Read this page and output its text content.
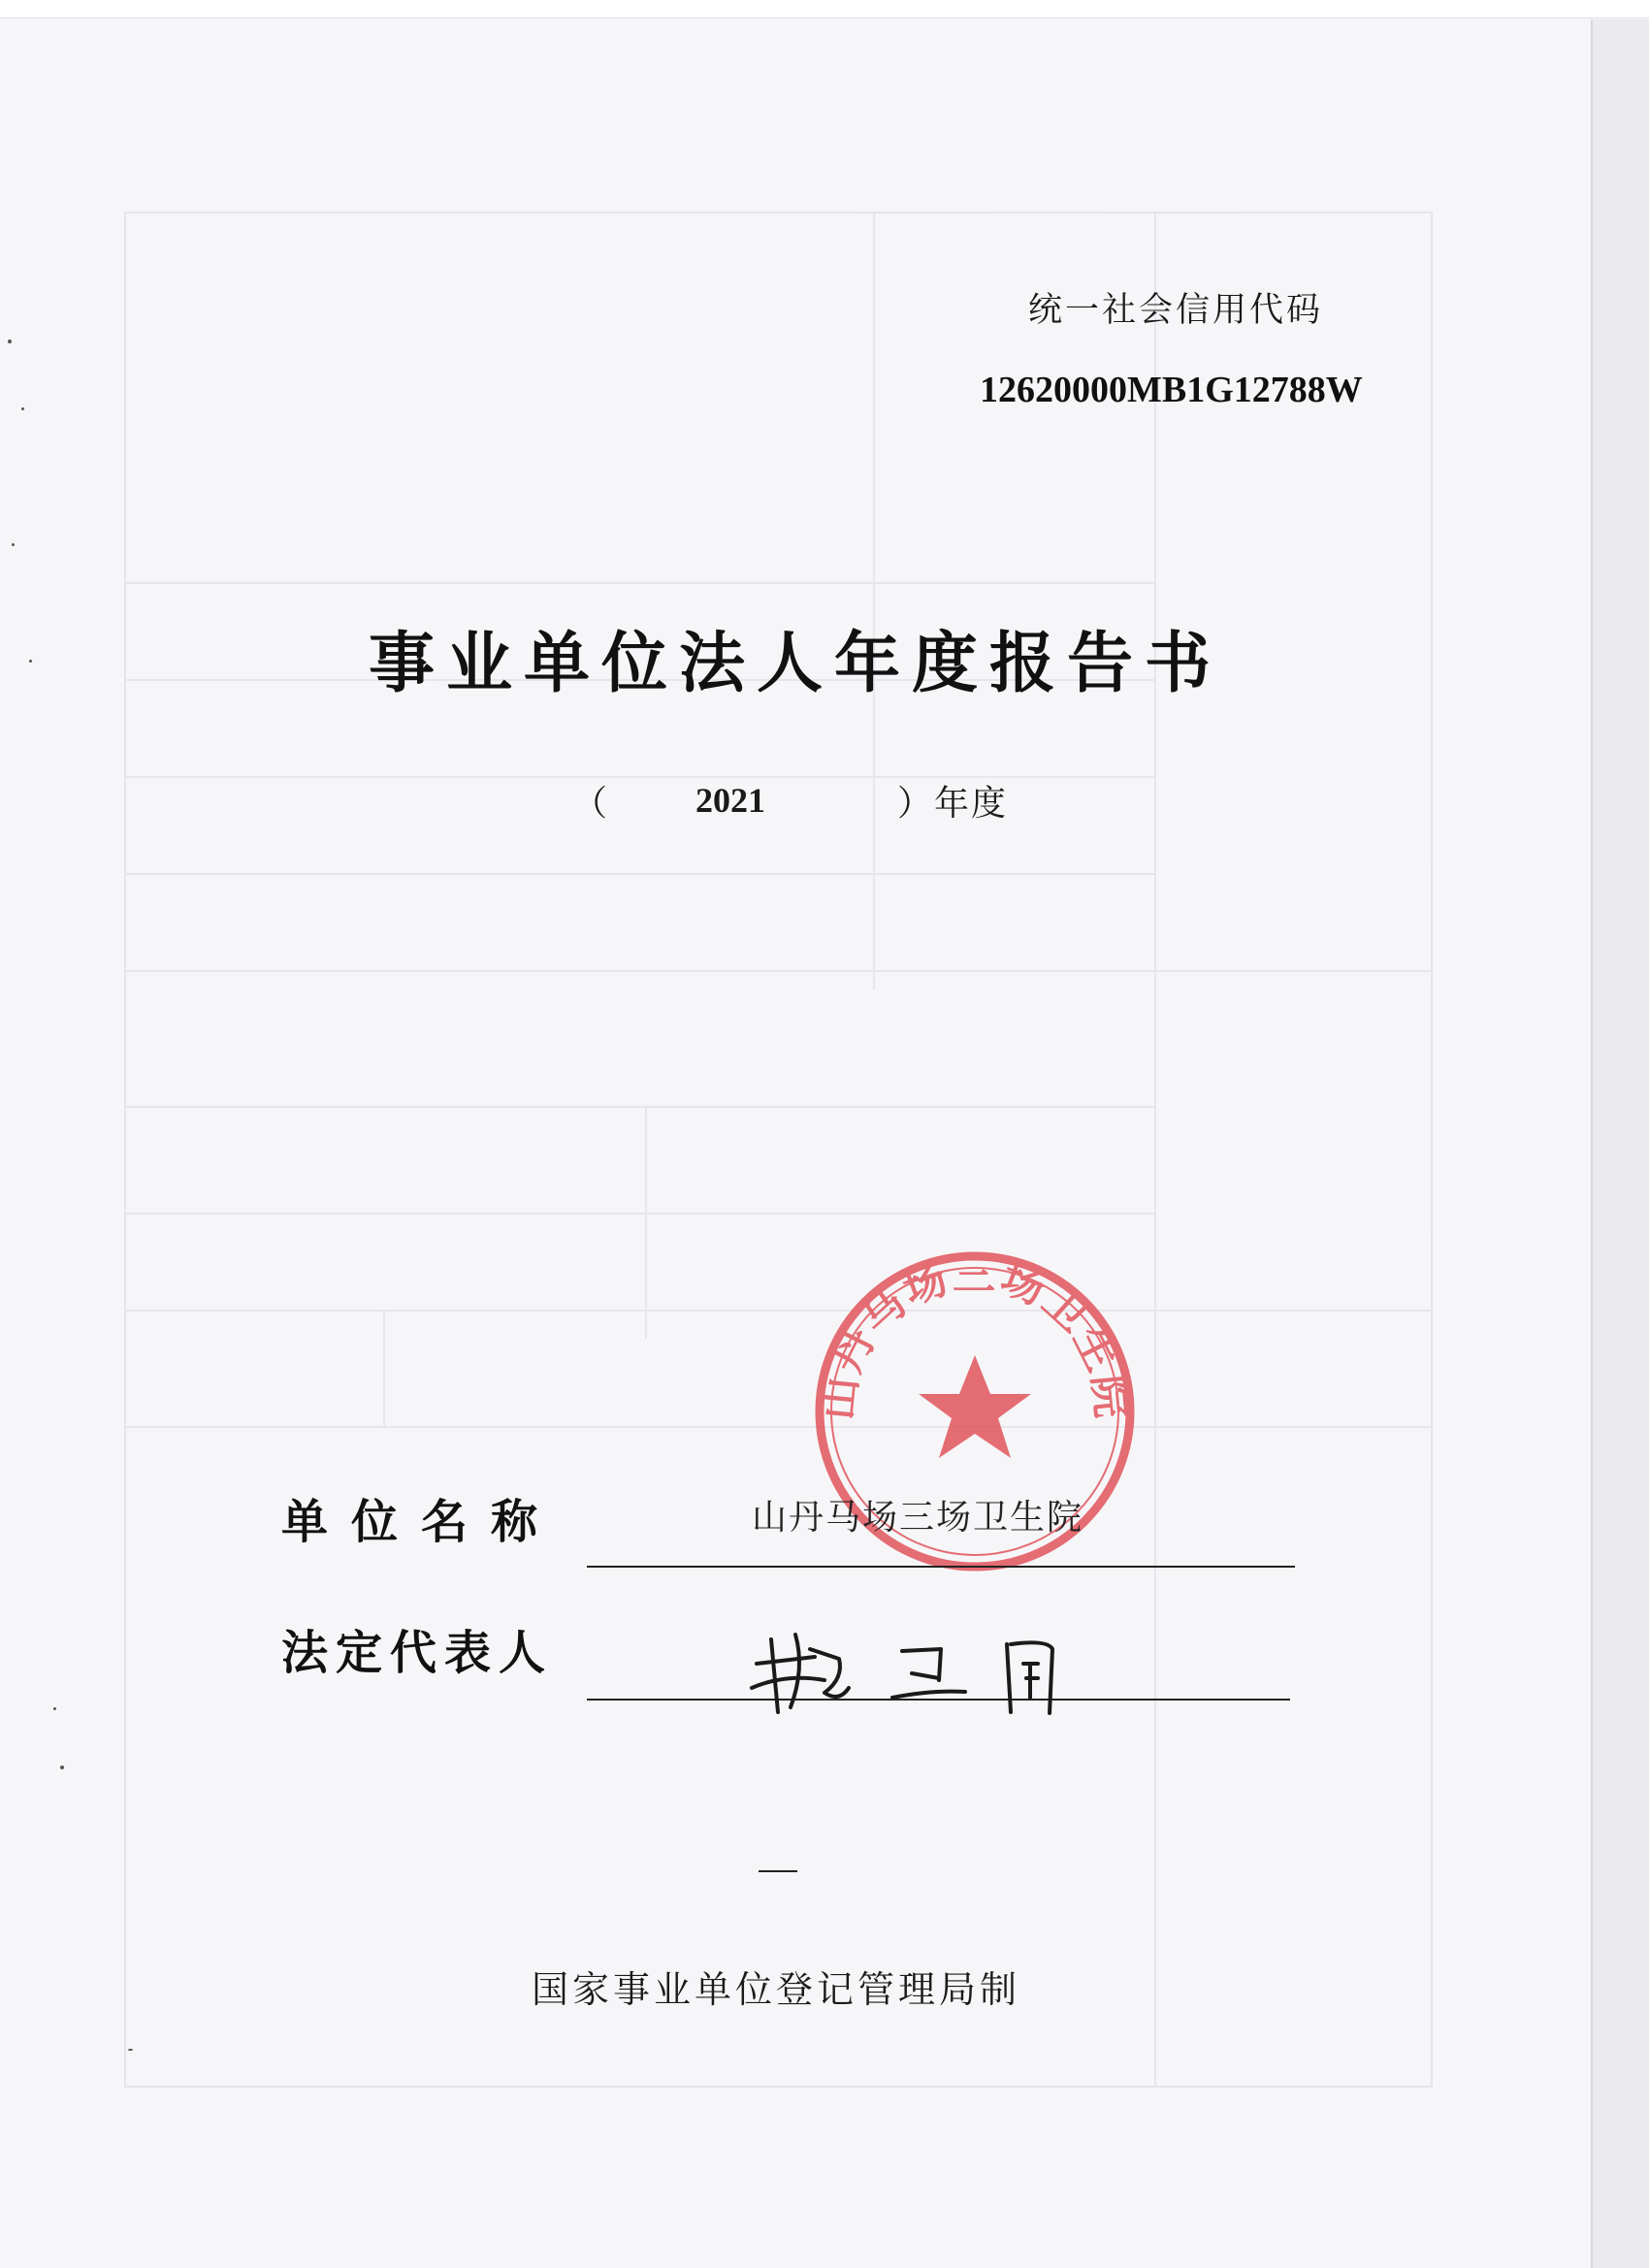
统一社会信用代码
12620000MB1G12788W
事业单位法人年度报告书
（	2021	）年度
山丹马场三场卫生院
单位名称	山丹马场三场卫生院
法定代表人
国家事业单位登记管理局制
